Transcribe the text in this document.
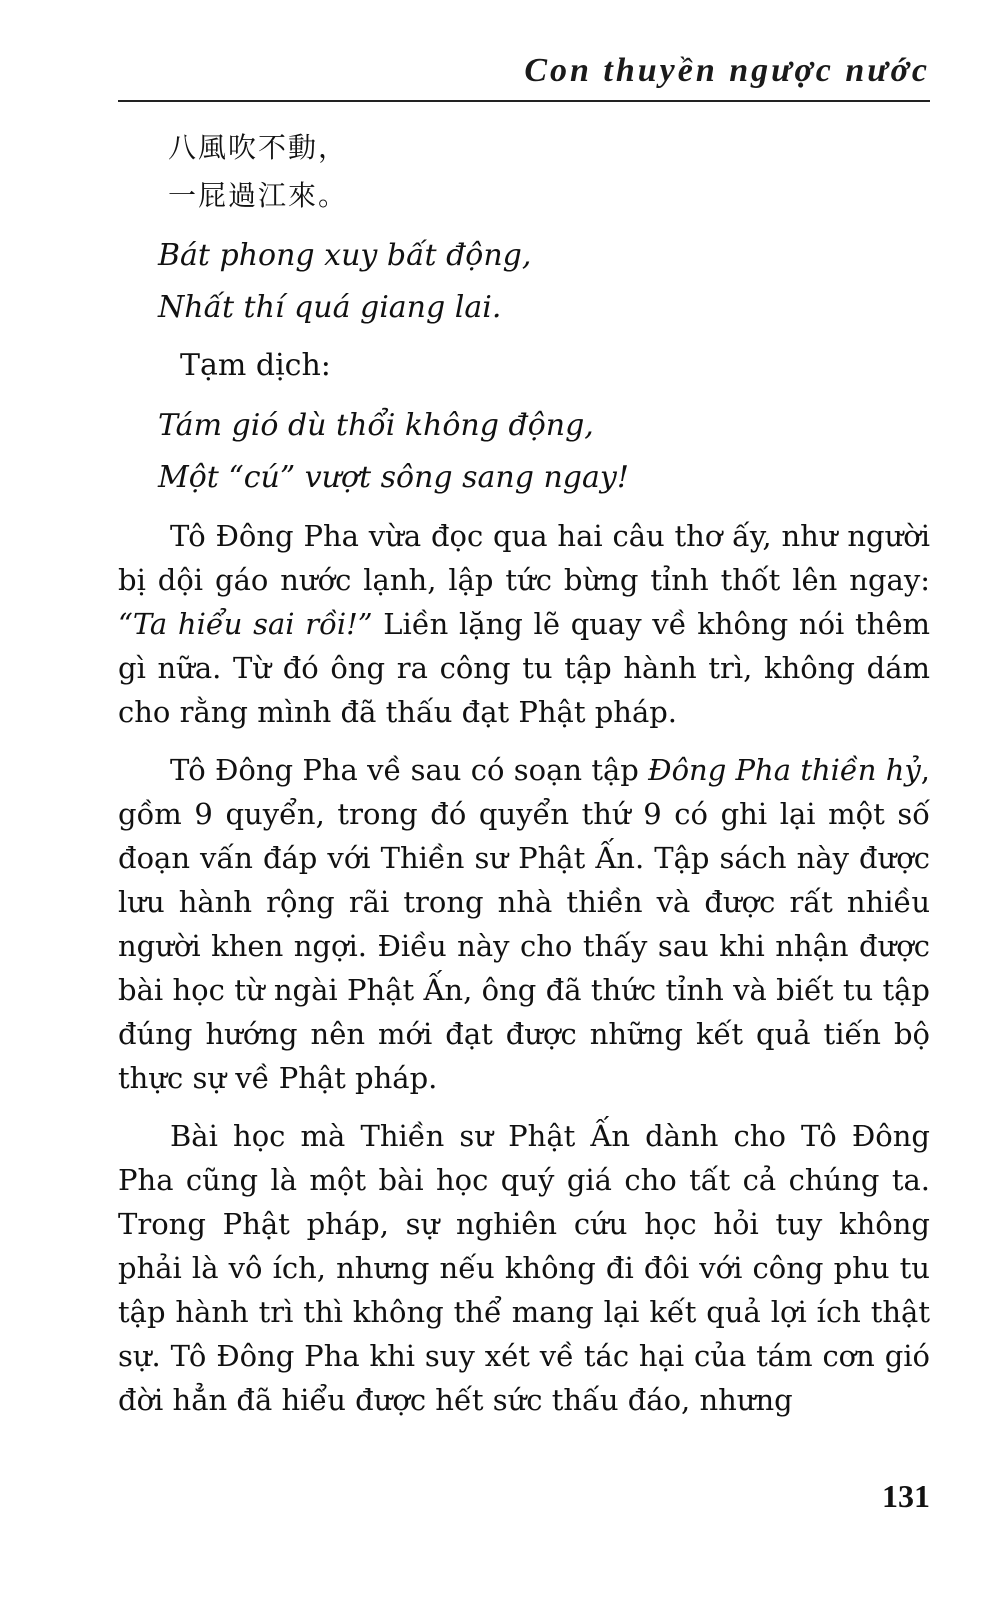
Con thuyền ngược nước

八風吹不動，

一屁過江來。

Bát phong xuy bất động,

Nhất thí quá giang lai.

Tạm dịch:

Tám gió dù thổi không động,

Một “cú” vượt sông sang ngay!

Tô Đông Pha vừa đọc qua hai câu thơ ấy, như người bị dội gáo nước lạnh, lập tức bừng tỉnh thốt lên ngay: “Ta hiểu sai rồi!” Liền lặng lẽ quay về không nói thêm gì nữa. Từ đó ông ra công tu tập hành trì, không dám cho rằng mình đã thấu đạt Phật pháp.

Tô Đông Pha về sau có soạn tập Đông Pha thiền hỷ, gồm 9 quyển, trong đó quyển thứ 9 có ghi lại một số đoạn vấn đáp với Thiền sư Phật Ấn. Tập sách này được lưu hành rộng rãi trong nhà thiền và được rất nhiều người khen ngợi. Điều này cho thấy sau khi nhận được bài học từ ngài Phật Ấn, ông đã thức tỉnh và biết tu tập đúng hướng nên mới đạt được những kết quả tiến bộ thực sự về Phật pháp.

Bài học mà Thiền sư Phật Ấn dành cho Tô Đông Pha cũng là một bài học quý giá cho tất cả chúng ta. Trong Phật pháp, sự nghiên cứu học hỏi tuy không phải là vô ích, nhưng nếu không đi đôi với công phu tu tập hành trì thì không thể mang lại kết quả lợi ích thật sự. Tô Đông Pha khi suy xét về tác hại của tám cơn gió đời hẳn đã hiểu được hết sức thấu đáo, nhưng

131
